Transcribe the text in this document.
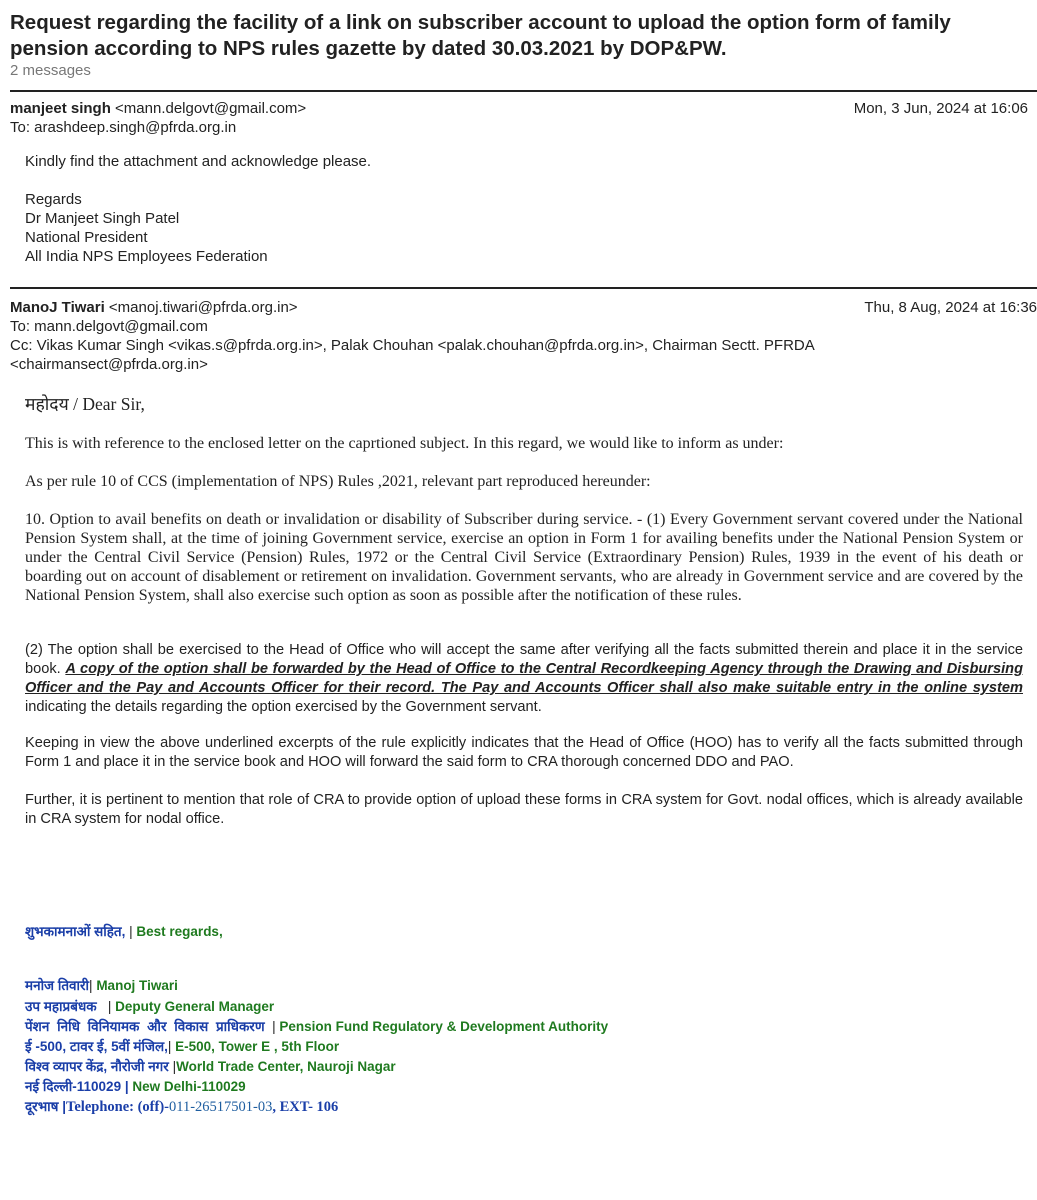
Request regarding the facility of a link on subscriber account to upload the option form of family pension according to NPS rules gazette by dated 30.03.2021 by DOP&PW.
2 messages
manjeet singh <mann.delgovt@gmail.com>	Mon, 3 Jun, 2024 at 16:06
To: arashdeep.singh@pfrda.org.in
Kindly find the attachment and acknowledge please.
Regards
Dr Manjeet Singh Patel
National President
All India NPS Employees Federation
ManoJ Tiwari <manoj.tiwari@pfrda.org.in>	Thu, 8 Aug, 2024 at 16:36
To: mann.delgovt@gmail.com
Cc: Vikas Kumar Singh <vikas.s@pfrda.org.in>, Palak Chouhan <palak.chouhan@pfrda.org.in>, Chairman Sectt. PFRDA
<chairmansect@pfrda.org.in>
महोदय / Dear Sir,
This is with reference to the enclosed letter on the caprtioned subject. In this regard, we would like to inform as under:
As per rule 10 of CCS (implementation of NPS) Rules ,2021, relevant part reproduced hereunder:
10. Option to avail benefits on death or invalidation or disability of Subscriber during service. - (1) Every Government servant covered under the National Pension System shall, at the time of joining Government service, exercise an option in Form 1 for availing benefits under the National Pension System or under the Central Civil Service (Pension) Rules, 1972 or the Central Civil Service (Extraordinary Pension) Rules, 1939 in the event of his death or boarding out on account of disablement or retirement on invalidation. Government servants, who are already in Government service and are covered by the National Pension System, shall also exercise such option as soon as possible after the notification of these rules.
(2) The option shall be exercised to the Head of Office who will accept the same after verifying all the facts submitted therein and place it in the service book. A copy of the option shall be forwarded by the Head of Office to the Central Recordkeeping Agency through the Drawing and Disbursing Officer and the Pay and Accounts Officer for their record. The Pay and Accounts Officer shall also make suitable entry in the online system indicating the details regarding the option exercised by the Government servant.
Keeping in view the above underlined excerpts of the rule explicitly indicates that the Head of Office (HOO) has to verify all the facts submitted through Form 1 and place it in the service book and HOO will forward the said form to CRA thorough concerned DDO and PAO.
Further, it is pertinent to mention that role of CRA to provide option of upload these forms in CRA system for Govt. nodal offices, which is already available in CRA system for nodal office.
शुभकामनाओं सहित, | Best regards,
मनोज तिवारी| Manoj Tiwari
उप महाप्रबंधक   | Deputy General Manager
पेंशन निधि विनियामक और विकास प्राधिकरण  | Pension Fund Regulatory & Development Authority
ई -500, टावर ई, 5वीं मंजिल,| E-500, Tower E , 5th Floor
विश्व व्यापर केंद्र, नौरोजी नगर |World Trade Center, Nauroji Nagar
नई दिल्ली-110029 | New Delhi-110029
दूरभाष |Telephone: (off)-011-26517501-03, EXT- 106
